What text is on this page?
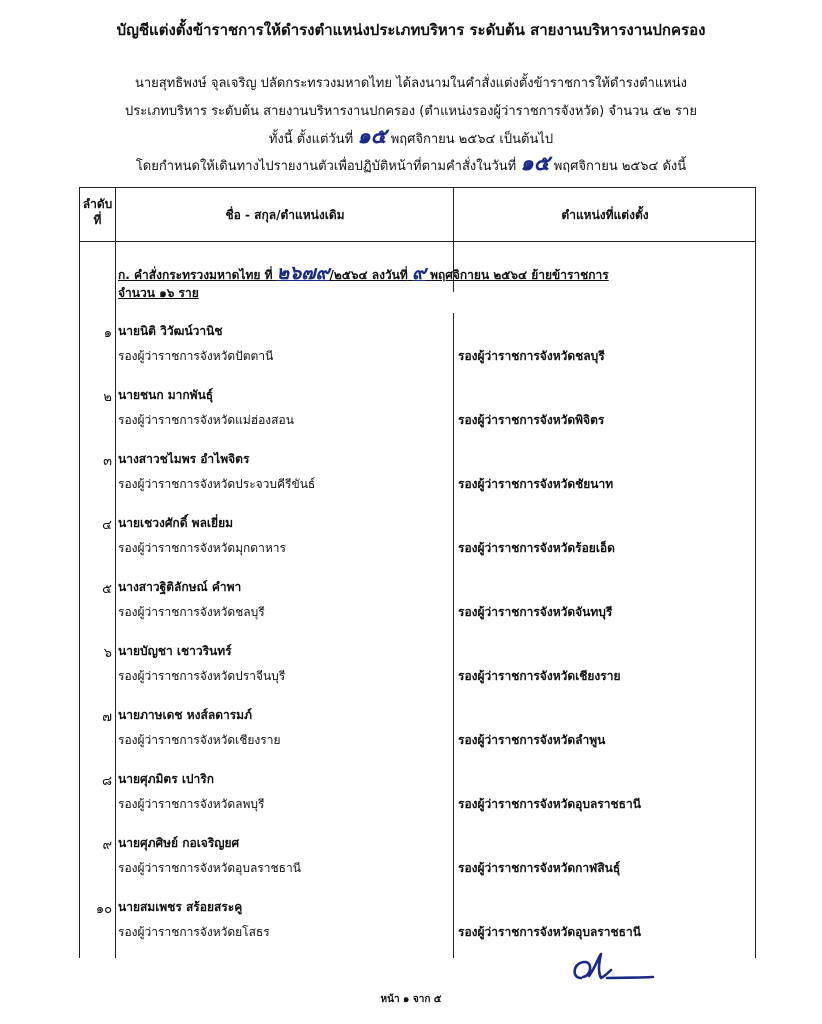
บัญชีแต่งตั้งข้าราชการให้ดำรงตำแหน่งประเภทบริหาร ระดับต้น สายงานบริหารงานปกครอง
นายสุทธิพงษ์ จุลเจริญ ปลัดกระทรวงมหาดไทย ได้ลงนามในคำสั่งแต่งตั้งข้าราชการให้ดำรงตำแหน่ง
ประเภทบริหาร ระดับต้น สายงานบริหารงานปกครอง (ตำแหน่งรองผู้ว่าราชการจังหวัด) จำนวน ๕๒ ราย
ทั้งนี้ ตั้งแต่วันที่ ๑๕ พฤศจิกายน ๒๕๖๔ เป็นต้นไป
โดยกำหนดให้เดินทางไปรายงานตัวเพื่อปฏิบัติหน้าที่ตามคำสั่งในวันที่ ๑๕ พฤศจิกายน ๒๕๖๔ ดังนี้
ลำดับ
ที่	ชื่อ - สกุล/ตำแหน่งเดิม	ตำแหน่งที่แต่งตั้ง
ก. คำสั่งกระทรวงมหาดไทย ที่ ๒๖๗๙/๒๕๖๔ ลงวันที่ ๙ พฤศจิกายน ๒๕๖๔ ย้ายข้าราชการ
จำนวน ๑๖ ราย
๑ นายนิติ วิวัฒน์วานิช
รองผู้ว่าราชการจังหวัดปัตตานี	รองผู้ว่าราชการจังหวัดชลบุรี
๒ นายชนก มากพันธุ์
รองผู้ว่าราชการจังหวัดแม่ฮ่องสอน	รองผู้ว่าราชการจังหวัดพิจิตร
๓ นางสาวชไมพร อำไพจิตร
รองผู้ว่าราชการจังหวัดประจวบคีรีขันธ์	รองผู้ว่าราชการจังหวัดชัยนาท
๔ นายเชวงศักดิ์ พลเยี่ยม
รองผู้ว่าราชการจังหวัดมุกดาหาร	รองผู้ว่าราชการจังหวัดร้อยเอ็ด
๕ นางสาวฐิติลักษณ์ คำพา
รองผู้ว่าราชการจังหวัดชลบุรี	รองผู้ว่าราชการจังหวัดจันทบุรี
๖ นายบัญชา เชาวรินทร์
รองผู้ว่าราชการจังหวัดปราจีนบุรี	รองผู้ว่าราชการจังหวัดเชียงราย
๗ นายภาษเดช หงส์ลดารมภ์
รองผู้ว่าราชการจังหวัดเชียงราย	รองผู้ว่าราชการจังหวัดลำพูน
๘ นายศุภมิตร เปาริก
รองผู้ว่าราชการจังหวัดลพบุรี	รองผู้ว่าราชการจังหวัดอุบลราชธานี
๙ นายศุภศิษย์ กอเจริญยศ
รองผู้ว่าราชการจังหวัดอุบลราชธานี	รองผู้ว่าราชการจังหวัดกาฬสินธุ์
๑๐ นายสมเพชร สร้อยสระคู
รองผู้ว่าราชการจังหวัดยโสธร	รองผู้ว่าราชการจังหวัดอุบลราชธานี
หน้า ๑ จาก ๕
